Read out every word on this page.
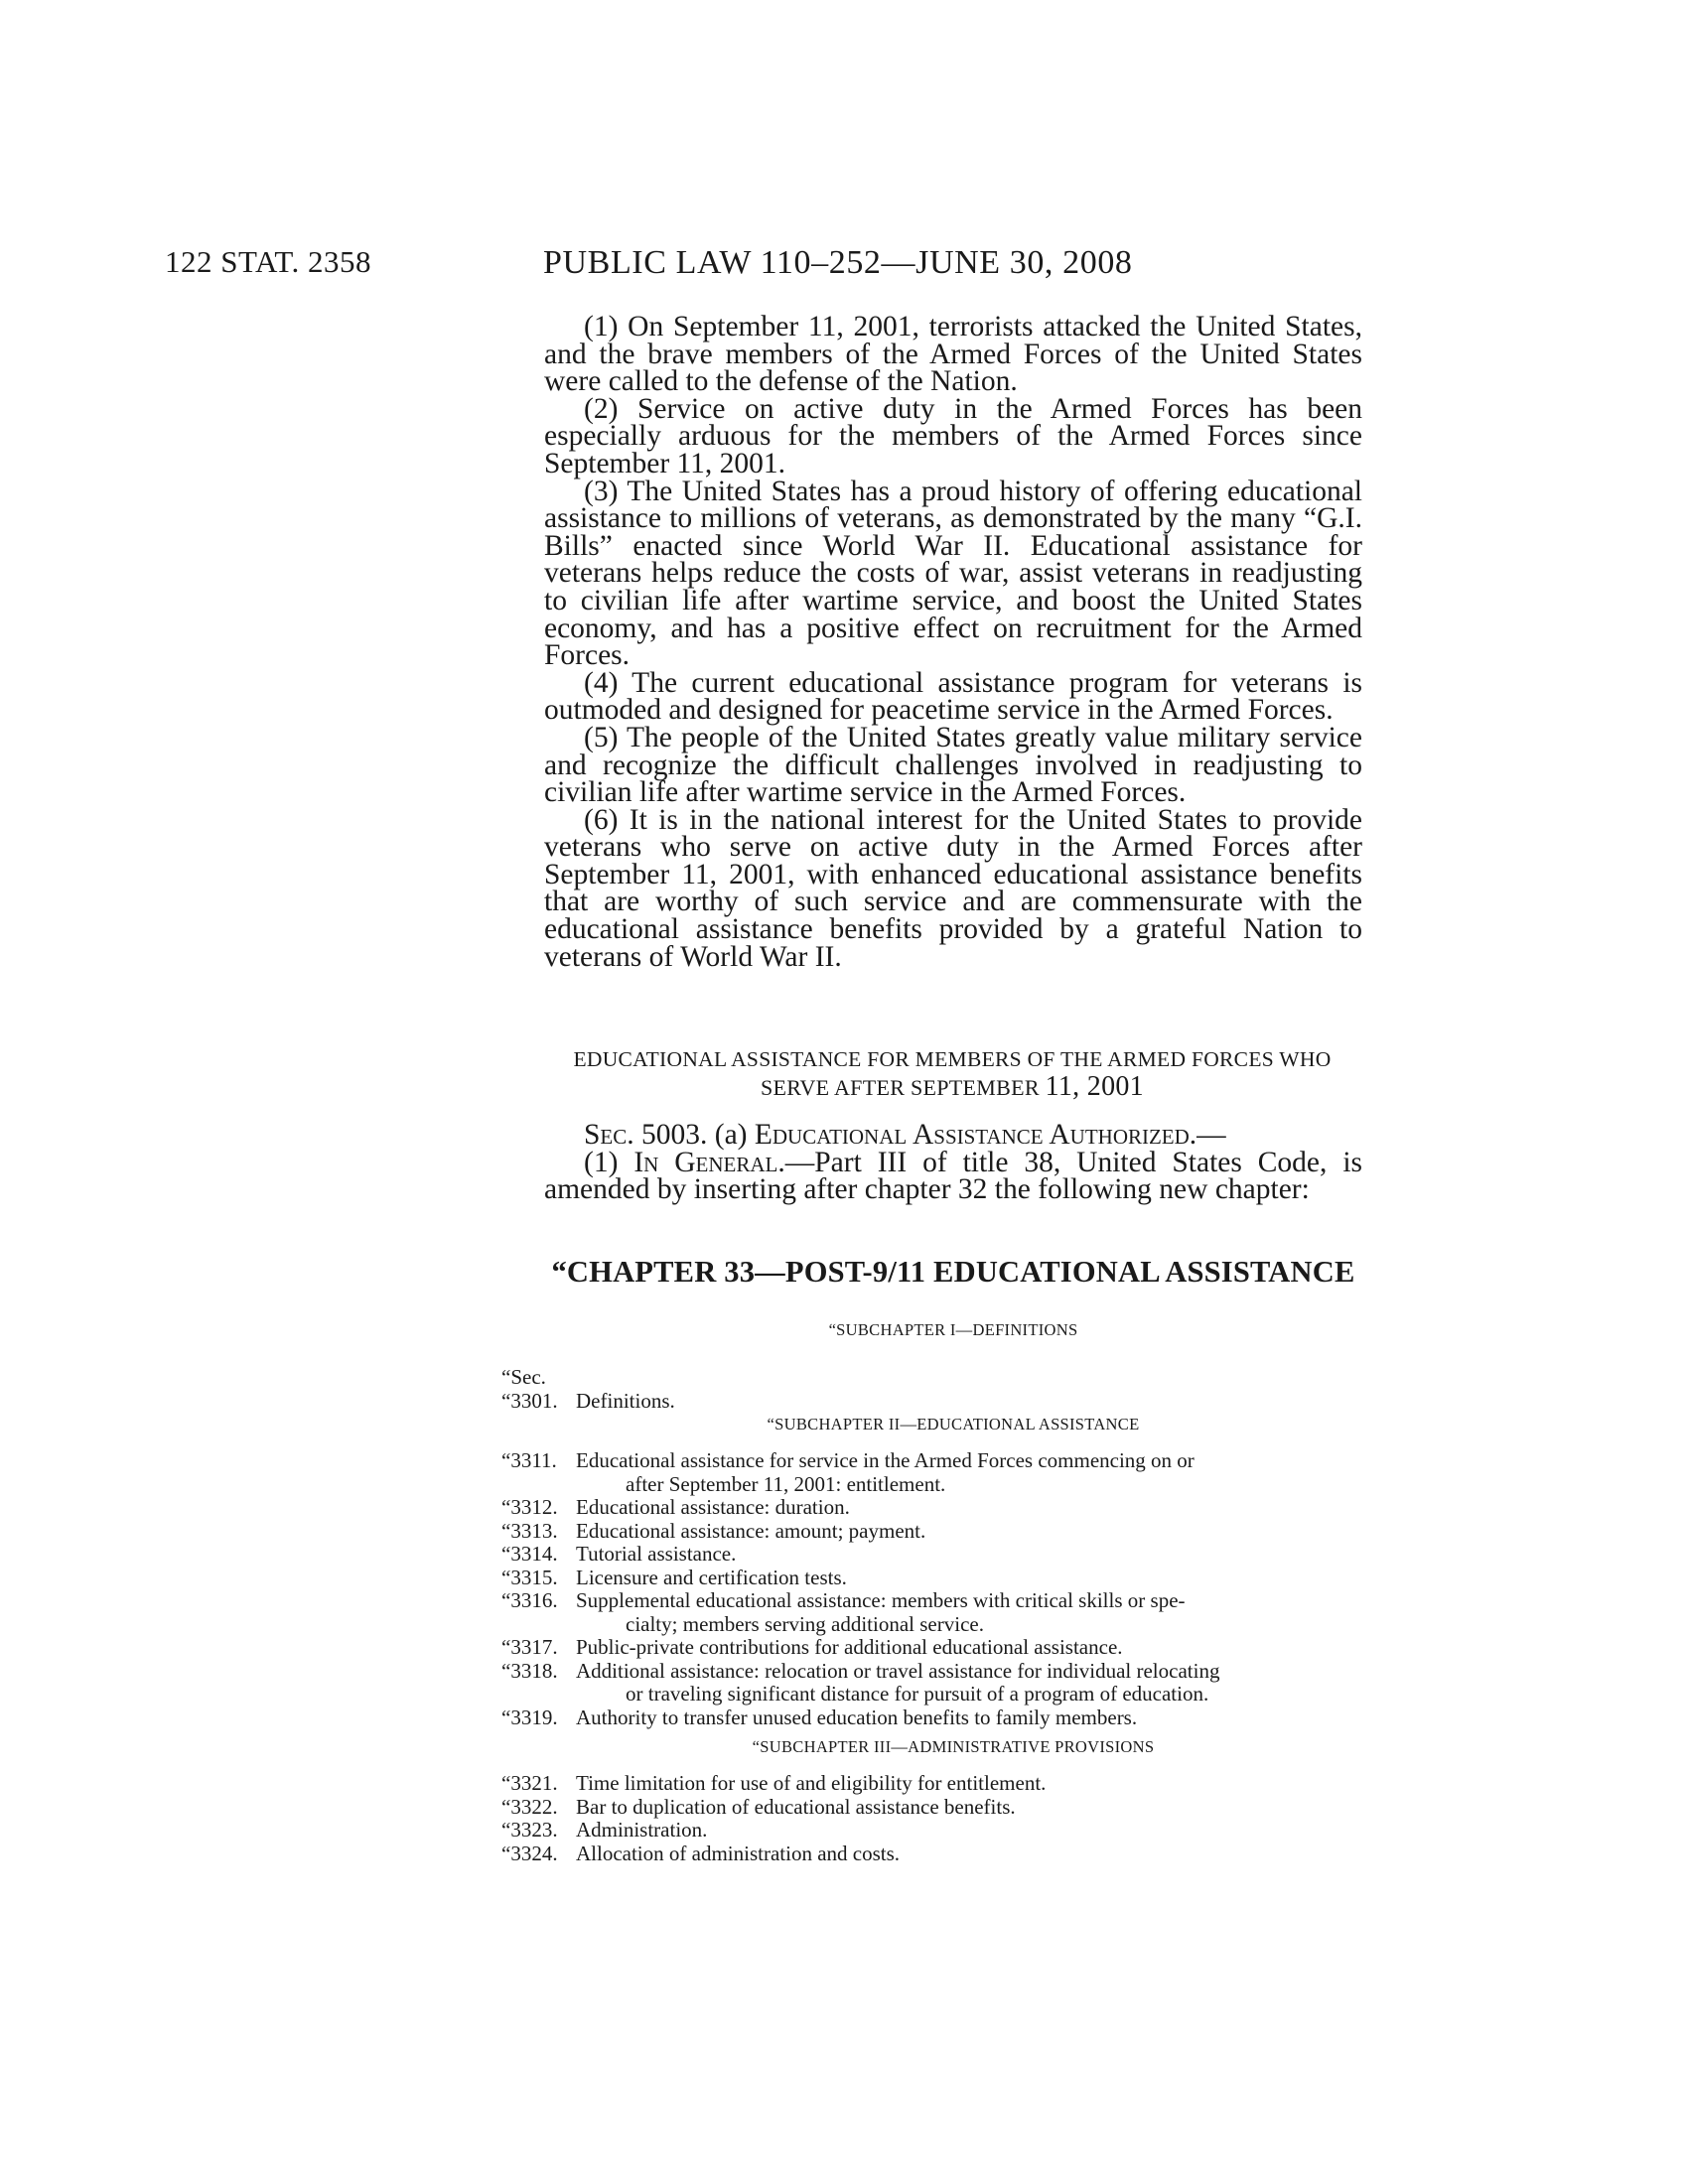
122 STAT. 2358	PUBLIC LAW 110–252—JUNE 30, 2008

(1) On September 11, 2001, terrorists attacked the United States, and the brave members of the Armed Forces of the United States were called to the defense of the Nation.

(2) Service on active duty in the Armed Forces has been especially arduous for the members of the Armed Forces since September 11, 2001.

(3) The United States has a proud history of offering educational assistance to millions of veterans, as demonstrated by the many “G.I. Bills” enacted since World War II. Educational assistance for veterans helps reduce the costs of war, assist veterans in readjusting to civilian life after wartime service, and boost the United States economy, and has a positive effect on recruitment for the Armed Forces.

(4) The current educational assistance program for veterans is outmoded and designed for peacetime service in the Armed Forces.

(5) The people of the United States greatly value military service and recognize the difficult challenges involved in readjusting to civilian life after wartime service in the Armed Forces.

(6) It is in the national interest for the United States to provide veterans who serve on active duty in the Armed Forces after September 11, 2001, with enhanced educational assistance benefits that are worthy of such service and are commensurate with the educational assistance benefits provided by a grateful Nation to veterans of World War II.

EDUCATIONAL ASSISTANCE FOR MEMBERS OF THE ARMED FORCES WHO
SERVE AFTER SEPTEMBER 11, 2001

Sec. 5003. (a) Educational Assistance Authorized.—

(1) In General.—Part III of title 38, United States Code, is amended by inserting after chapter 32 the following new chapter:

“CHAPTER 33—POST-9/11 EDUCATIONAL ASSISTANCE
“SUBCHAPTER I—DEFINITIONS
“Sec.
“3301. Definitions.
“SUBCHAPTER II—EDUCATIONAL ASSISTANCE
“3311. Educational assistance for service in the Armed Forces commencing on or
after September 11, 2001: entitlement.
“3312. Educational assistance: duration.
“3313. Educational assistance: amount; payment.
“3314. Tutorial assistance.
“3315. Licensure and certification tests.
“3316. Supplemental educational assistance: members with critical skills or spe-
cialty; members serving additional service.
“3317. Public-private contributions for additional educational assistance.
“3318. Additional assistance: relocation or travel assistance for individual relocating
or traveling significant distance for pursuit of a program of education.
“3319. Authority to transfer unused education benefits to family members.
“SUBCHAPTER III—ADMINISTRATIVE PROVISIONS
“3321. Time limitation for use of and eligibility for entitlement.
“3322. Bar to duplication of educational assistance benefits.
“3323. Administration.
“3324. Allocation of administration and costs.
